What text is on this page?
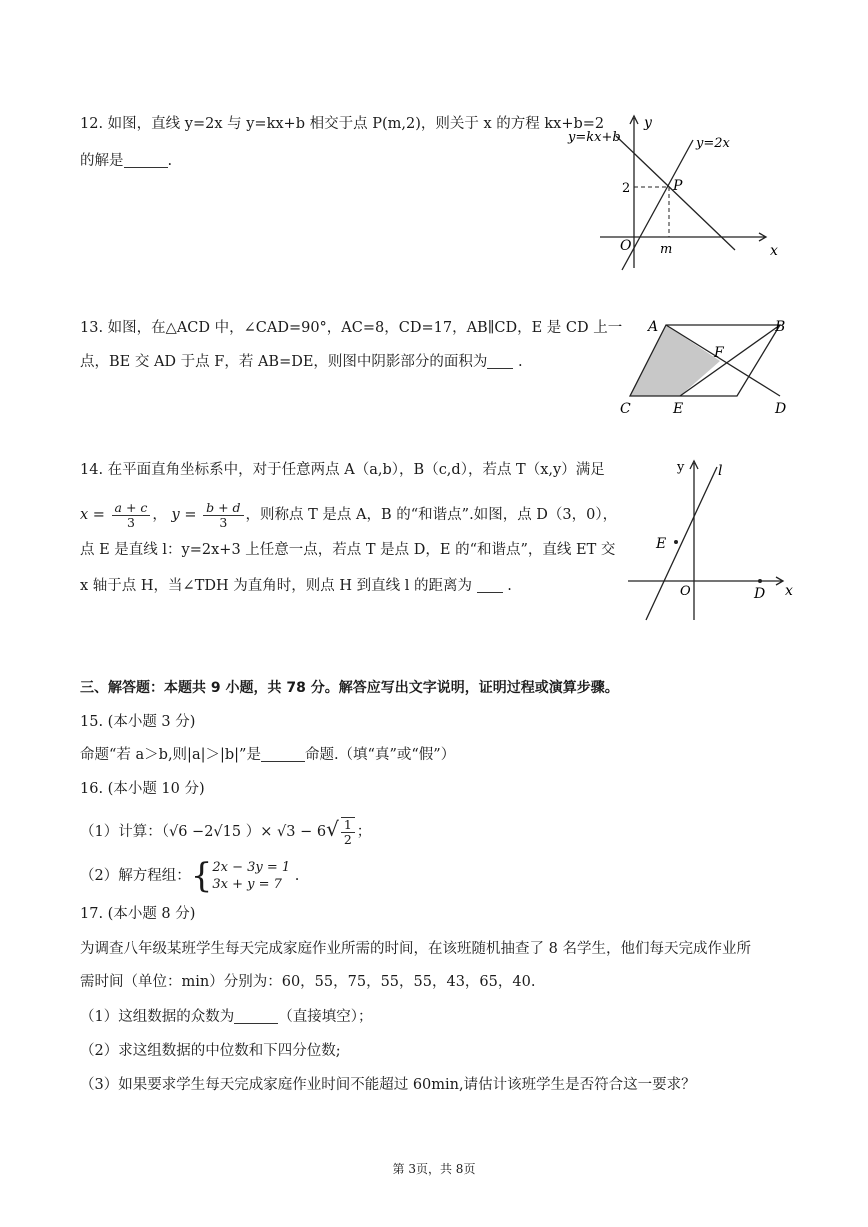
12. 如图，直线 y=2x 与 y=kx+b 相交于点 P(m,2)，则关于 x 的方程 kx+b=2
的解是	.
y
x
O
y=kx+b	y=2x
2	P
m
13. 如图，在△ACD 中，∠CAD=90°，AC=8，CD=17，AB∥CD，E 是 CD 上一
点，BE 交 AD 于点 F，若 AB=DE，则图中阴影部分的面积为 .
A	B
C	E	D
F
14. 在平面直角坐标系中，对于任意两点 A（a,b），B（c,d），若点 T（x,y）满足
$x = \frac{a + c}{3}$ ， $y = \frac{b + d}{3}$ ，则称点 T 是点 A，B 的“和谐点”.如图，点 D（3，0），
点 E 是直线 l：y=2x+3 上任意一点，若点 T 是点 D，E 的“和谐点”，直线 ET 交
x 轴于点 H，当∠TDH 为直角时，则点 H 到直线 l 的距离为 .
y
x
O
l
E
D
三、解答题：本题共 9 小题，共 78 分。解答应写出文字说明，证明过程或演算步骤。
15. (本小题 3 分)
命题“若 a＞b,则|a|＞|b|”是	命题.（填“真”或“假”）
16. (本小题 10 分)
（1）计算：（√6 −2√15 ）× $√3 - 6√ \frac{1}{2}$ ；
（2）解方程组：{ 2x − 3y = 1
3x + y = 7
.
17. (本小题 8 分)
为调查八年级某班学生每天完成家庭作业所需的时间，在该班随机抽查了 8 名学生，他们每天完成作业所
需时间（单位：min）分别为：60，55，75，55，55，43，65，40.
（1）这组数据的众数为	（直接填空）；
（2）求这组数据的中位数和下四分位数;
（3）如果要求学生每天完成家庭作业时间不能超过 60min,请估计该班学生是否符合这一要求？
第 3页，共 8页
